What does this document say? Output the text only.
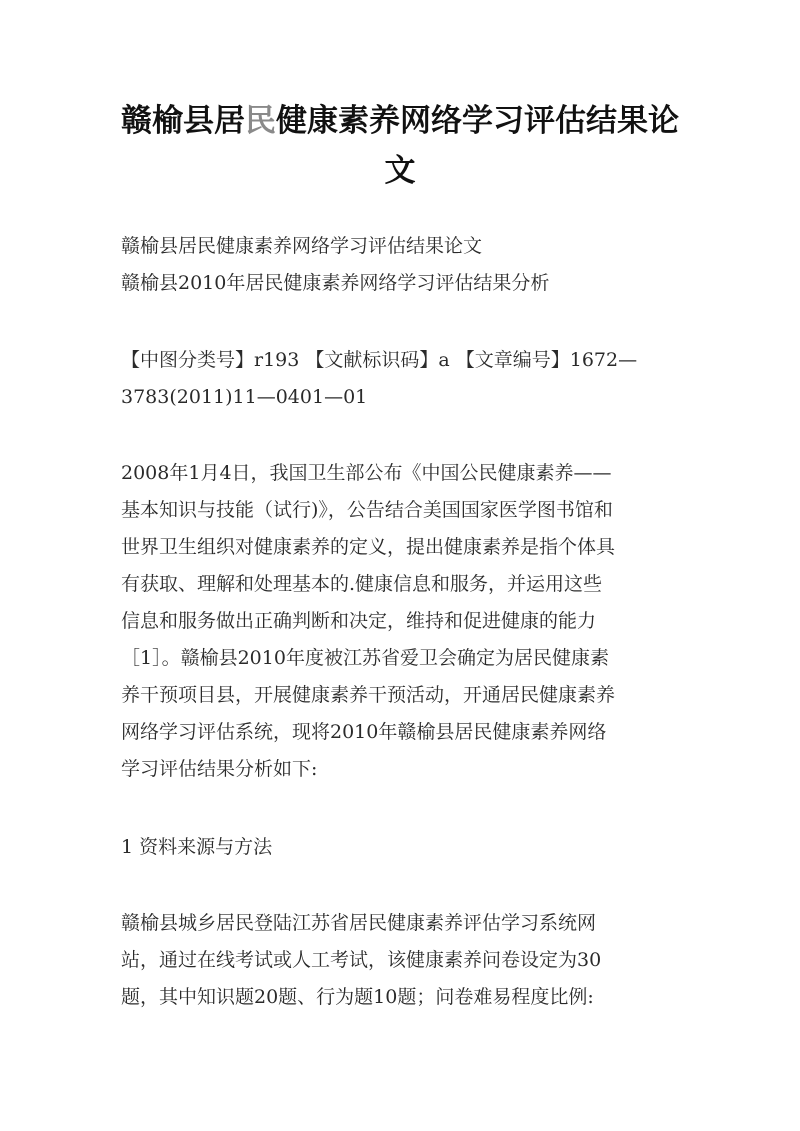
赣榆县居民健康素养网络学习评估结果论
文

赣榆县居民健康素养网络学习评估结果论文

赣榆县2010年居民健康素养网络学习评估结果分析

【中图分类号】r193 【文献标识码】a 【文章编号】1672—

3783(2011)11—0401—01

2008年1月4日，我国卫生部公布《中国公民健康素养——
基本知识与技能（试行)》，公告结合美国国家医学图书馆和
世界卫生组织对健康素养的定义，提出健康素养是指个体具
有获取、理解和处理基本的.健康信息和服务，并运用这些
信息和服务做出正确判断和决定，维持和促进健康的能力
［1］。赣榆县2010年度被江苏省爱卫会确定为居民健康素
养干预项目县，开展健康素养干预活动，开通居民健康素养
网络学习评估系统，现将2010年赣榆县居民健康素养网络
学习评估结果分析如下:

1 资料来源与方法

赣榆县城乡居民登陆江苏省居民健康素养评估学习系统网
站，通过在线考试或人工考试，该健康素养问卷设定为30
题，其中知识题20题、行为题10题；问卷难易程度比例:
